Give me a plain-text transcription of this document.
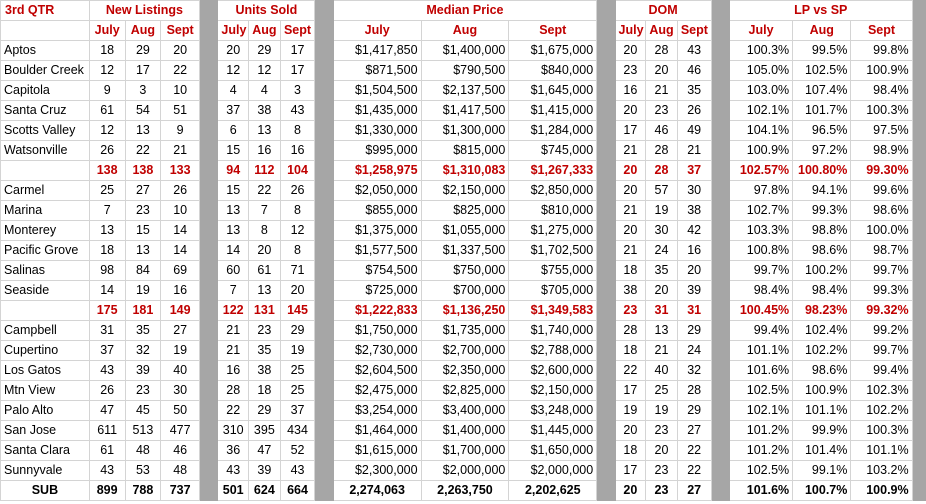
3rd QTR	New Listings				Units Sold				Median Price				DOM				LP vs SP			
	July	Aug	Sept		July	Aug	Sept		July	Aug	Sept		July	Aug	Sept		July	Aug	Sept	
Aptos	18	29	20		20	29	17		$1,417,850	$1,400,000	$1,675,000		20	28	43		100.3%	99.5%	99.8%	
Boulder Creek	12	17	22		12	12	17		$871,500	$790,500	$840,000		23	20	46		105.0%	102.5%	100.9%	
Capitola	9	3	10		4	4	3		$1,504,500	$2,137,500	$1,645,000		16	21	35		103.0%	107.4%	98.4%	
Santa Cruz	61	54	51		37	38	43		$1,435,000	$1,417,500	$1,415,000		20	23	26		102.1%	101.7%	100.3%	
Scotts Valley	12	13	9		6	13	8		$1,330,000	$1,300,000	$1,284,000		17	46	49		104.1%	96.5%	97.5%	
Watsonville	26	22	21		15	16	16		$995,000	$815,000	$745,000		21	28	21		100.9%	97.2%	98.9%	
	138	138	133		94	112	104		$1,258,975	$1,310,083	$1,267,333		20	28	37		102.57%	100.80%	99.30%	
Carmel	25	27	26		15	22	26		$2,050,000	$2,150,000	$2,850,000		20	57	30		97.8%	94.1%	99.6%	
Marina	7	23	10		13	7	8		$855,000	$825,000	$810,000		21	19	38		102.7%	99.3%	98.6%	
Monterey	13	15	14		13	8	12		$1,375,000	$1,055,000	$1,275,000		20	30	42		103.3%	98.8%	100.0%	
Pacific Grove	18	13	14		14	20	8		$1,577,500	$1,337,500	$1,702,500		21	24	16		100.8%	98.6%	98.7%	
Salinas	98	84	69		60	61	71		$754,500	$750,000	$755,000		18	35	20		99.7%	100.2%	99.7%	
Seaside	14	19	16		7	13	20		$725,000	$700,000	$705,000		38	20	39		98.4%	98.4%	99.3%	
	175	181	149		122	131	145		$1,222,833	$1,136,250	$1,349,583		23	31	31		100.45%	98.23%	99.32%	
Campbell	31	35	27		21	23	29		$1,750,000	$1,735,000	$1,740,000		28	13	29		99.4%	102.4%	99.2%	
Cupertino	37	32	19		21	35	19		$2,730,000	$2,700,000	$2,788,000		18	21	24		101.1%	102.2%	99.7%	
Los Gatos	43	39	40		16	38	25		$2,604,500	$2,350,000	$2,600,000		22	40	32		101.6%	98.6%	99.4%	
Mtn View	26	23	30		28	18	25		$2,475,000	$2,825,000	$2,150,000		17	25	28		102.5%	100.9%	102.3%	
Palo Alto	47	45	50		22	29	37		$3,254,000	$3,400,000	$3,248,000		19	19	29		102.1%	101.1%	102.2%	
San Jose	611	513	477		310	395	434		$1,464,000	$1,400,000	$1,445,000		20	23	27		101.2%	99.9%	100.3%	
Santa Clara	61	48	46		36	47	52		$1,615,000	$1,700,000	$1,650,000		18	20	22		101.2%	101.4%	101.1%	
Sunnyvale	43	53	48		43	39	43		$2,300,000	$2,000,000	$2,000,000		17	23	22		102.5%	99.1%	103.2%	
SUB	899	788	737		501	624	664		2,274,063	2,263,750	2,202,625		20	23	27		101.6%	100.7%	100.9%	
